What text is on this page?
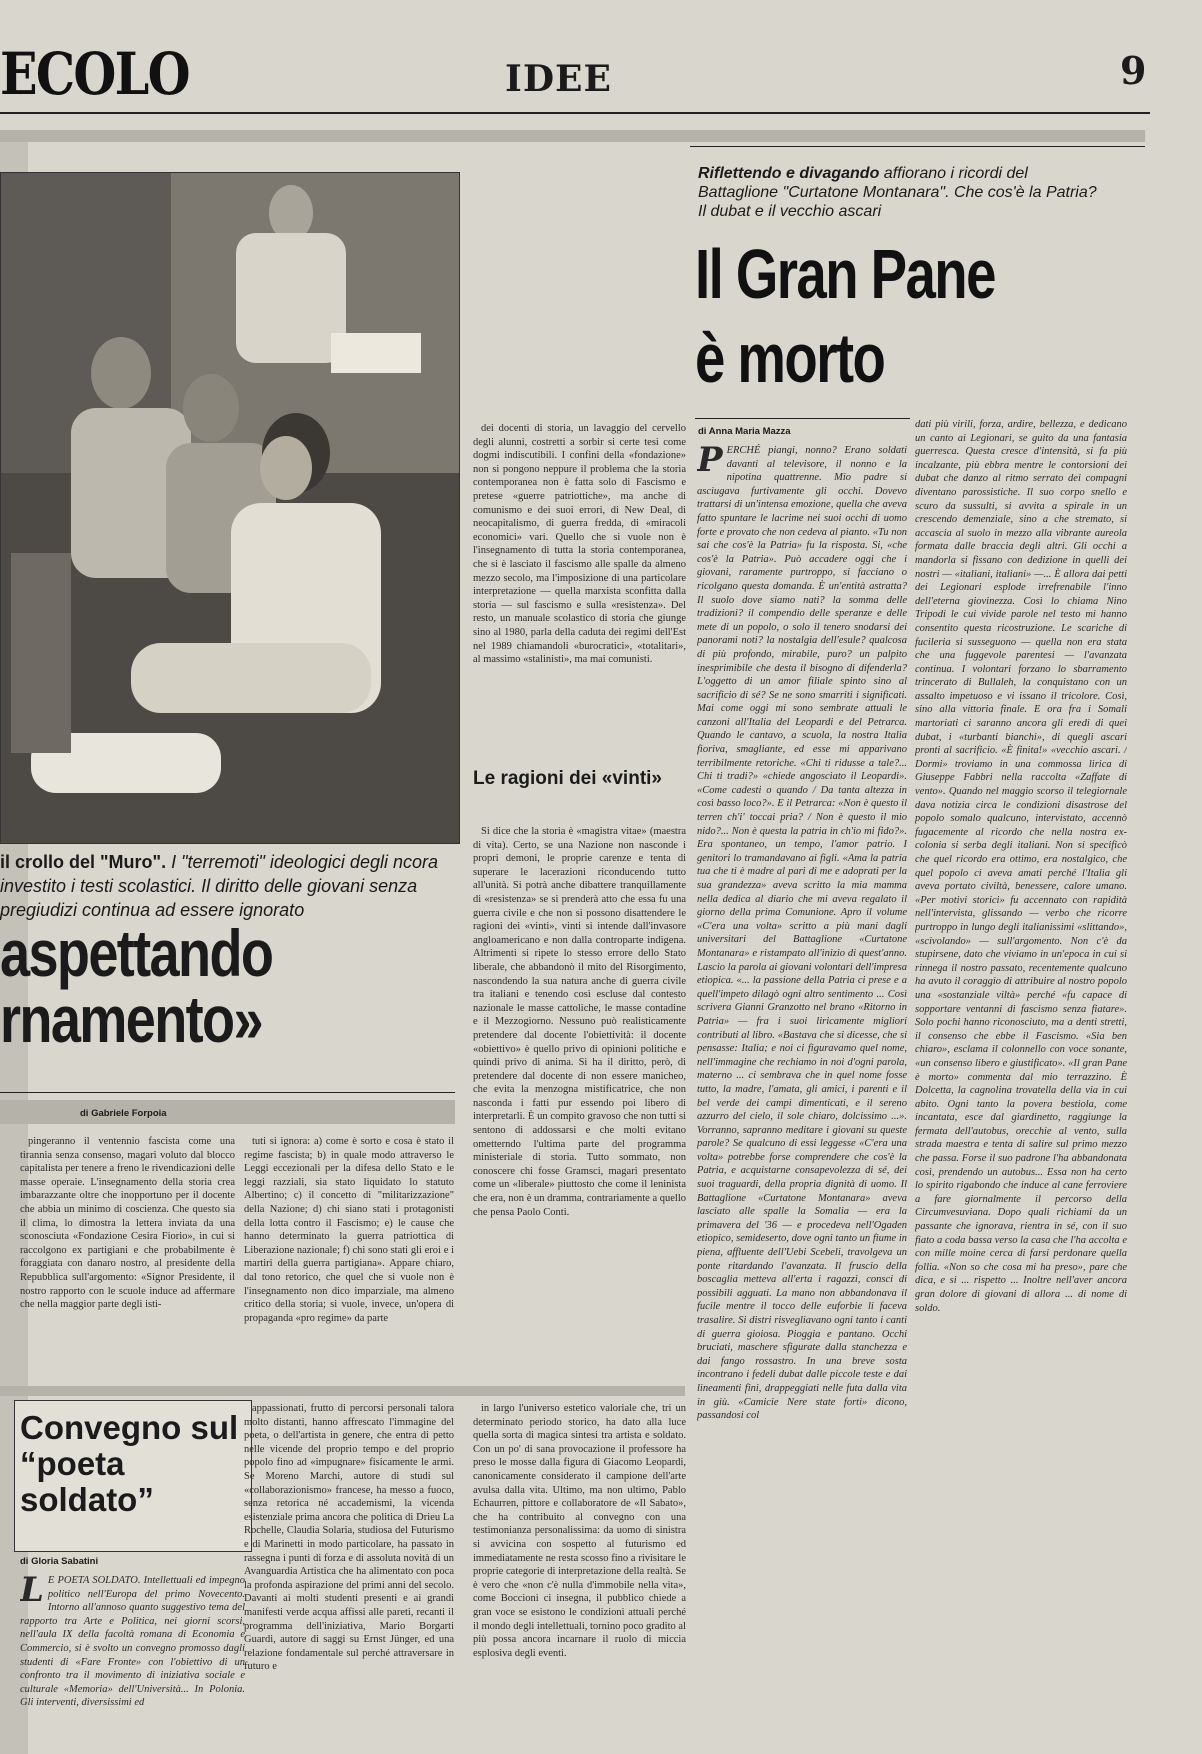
ECOLO	IDEE	9
il crollo del "Muro". I "terremoti" ideologici degli ncora investito i testi scolastici. Il diritto delle giovani senza pregiudizi continua ad essere ignorato
aspettando
rnamento»
di Gabriele Forpoia

pingeranno il ventennio fascista come una tirannia senza consenso, magari voluto dal blocco capitalista per tenere a freno le rivendicazioni delle masse operaie. L'insegnamento della storia crea imbarazzante oltre che inopportuno per il docente che abbia un minimo di coscienza. Che questo sia il clima, lo dimostra la lettera inviata da una sconosciuta «Fondazione Cesira Fiorio», in cui si raccolgono ex partigiani e che probabilmente è foraggiata con danaro nostro, al presidente della Repubblica sull'argomento: «Signor Presidente, il nostro rapporto con le scuole induce ad affermare che nella maggior parte degli isti-

tuti si ignora: a) come è sorto e cosa è stato il regime fascista; b) in quale modo attraverso le Leggi eccezionali per la difesa dello Stato e le leggi razziali, sia stato liquidato lo statuto Albertino; c) il concetto di "militarizzazione" della Nazione; d) chi siano stati i protagonisti della lotta contro il Fascismo; e) le cause che hanno determinato la guerra patriottica di Liberazione nazionale; f) chi sono stati gli eroi e i martiri della guerra partigiana». Appare chiaro, dal tono retorico, che quel che si vuole non è l'insegnamento non dico imparziale, ma almeno critico della storia; si vuole, invece, un'opera di propaganda «pro regime» da parte

dei docenti di storia, un lavaggio del cervello degli alunni, costretti a sorbir si certe tesi come dogmi indiscutibili. I confini della «fondazione» non si pongono neppure il problema che la storia contemporanea non è fatta solo di Fascismo e pretese «guerre patriottiche», ma anche di comunismo e dei suoi errori, di New Deal, di neocapitalismo, di guerra fredda, di «miracoli economici» vari. Quello che si vuole non è l'insegnamento di tutta la storia contemporanea, che si è lasciato il fascismo alle spalle da almeno mezzo secolo, ma l'imposizione di una particolare interpretazione — quella marxista sconfitta dalla storia — sul fascismo e sulla «resistenza». Del resto, un manuale scolastico di storia che giunge sino al 1980, parla della caduta dei regimi dell'Est nel 1989 chiamandoli «burocratici», «totalitari», al massimo «stalinisti», ma mai comunisti.

Le ragioni dei «vinti»

Si dice che la storia è «magistra vitae» (maestra di vita). Certo, se una Nazione non nasconde i propri demoni, le proprie carenze e tenta di superare le lacerazioni riconducendo tutto all'unità. Si potrà anche dibattere tranquillamente di «resistenza» se si prenderà atto che essa fu una guerra civile e che non si possono disattendere le ragioni dei «vinti», vinti si intende dall'invasore angloamericano e non dalla controparte indigena. Altrimenti si ripete lo stesso errore dello Stato liberale, che abbandonò il mito del Risorgimento, nascondendo la sua natura anche di guerra civile tra italiani e tenendo così escluse dal contesto nazionale le masse cattoliche, le masse contadine e il Mezzogiorno. Nessuno può realisticamente pretendere dal docente l'obiettività: il docente «obiettivo» è quello privo di opinioni politiche e quindi privo di anima. Si ha il diritto, però, di pretendere dal docente di non essere manicheo, che evita la menzogna mistificatrice, che non nasconda i fatti pur essendo poi libero di interpretarli. È un compito gravoso che non tutti si sentono di addossarsi e che molti evitano ometterndo l'ultima parte del programma ministeriale di storia. Tutto sommato, non conoscere chi fosse Gramsci, magari presentato come un «liberale» piuttosto che come il leninista che era, non è un dramma, contrariamente a quello che pensa Paolo Conti.

Riflettendo e divagando affiorano i ricordi del Battaglione "Curtatone Montanara". Che cos'è la Patria? Il dubat e il vecchio ascari
Il Gran Pane
è morto
di Anna Maria Mazza
PERCHÉ piangi, nonno? Erano soldati davanti al televisore, il nonno e la nipotina quattrenne. Mio padre si asciugava furtivamente gli occhi. Dovevo trattarsi di un'intensa emozione, quella che aveva fatto spuntare le lacrime nei suoi occhi di uomo forte e provato che non cedeva al pianto. «Tu non sai che cos'è la Patria» fu la risposta. Si, «che cos'è la Patria». Può accadere oggi che i giovani, raramente purtroppo, si facciano o ricolgano questa domanda. È un'entità astratta? Il suolo dove siamo nati? la somma delle tradizioni? il compendio delle speranze e delle mete di un popolo, o solo il tenero snodarsi dei panorami noti? la nostalgia dell'esule? qualcosa di più profondo, mirabile, puro? un palpito inesprimibile che desta il bisogno di difenderla? L'oggetto di un amor filiale spinto sino al sacrificio di sé? Se ne sono smarriti i significati. Mai come oggi mi sono sembrate attuali le canzoni all'Italia del Leopardi e del Petrarca. Quando le cantavo, a scuola, la nostra Italia fioriva, smagliante, ed esse mi apparivano terribilmente retoriche. «Chi ti ridusse a tale?... Chi ti tradi?» «chiede angosciato il Leopardi». «Come cadesti o quando / Da tanta altezza in così basso loco?». E il Petrarca: «Non è questo il terren ch'i' toccai pria? / Non è questo il mio nido?... Non è questa la patria in ch'io mi fido?». Era spontaneo, un tempo, l'amor patrio. I genitori lo tramandavano ai figli. «Ama la patria tua che ti è madre al pari di me e adoprati per la sua grandezza» aveva scritto la mia mamma nella dedica al diario che mi aveva regalato il giorno della prima Comunione. Apro il volume «C'era una volta» scritto a più mani dagli universitari del Battaglione «Curtatone Montanara» e ristampato all'inizio di quest'anno. Lascio la parola ai giovani volontari dell'impresa etiopica. «... la passione della Patria ci prese e a quell'impeto dilagò ogni altro sentimento ... Così scrivera Gianni Granzotto nel brano «Ritorno in Patria» — fra i suoi liricamente migliori contributi al libro. «Bastava che si dicesse, che si pensasse: Italia; e noi ci figuravamo quel nome, nell'immagine che rechiamo in noi d'ogni parola, materno ... ci sembrava che in quel nome fosse tutto, la madre, l'amata, gli amici, i parenti e il bel verde dei campi dimenticati, e il sereno azzurro del cielo, il sole chiaro, dolcissimo ...». Vorranno, sapranno meditare i giovani su queste parole? Se qualcuno di essi leggesse «C'era una volta» potrebbe forse comprendere che cos'è la Patria, e acquistarne consapevolezza di sé, dei suoi traguardi, della propria dignità di uomo. Il Battaglione «Curtatone Montanara» aveva lasciato alle spalle la Somalia — era la primavera del '36 — e procedeva nell'Ogaden etiopico, semideserto, dove ogni tanto un fiume in piena, affluente dell'Uebi Scebeli, travolgeva un ponte ritardando l'avanzata. Il fruscio della boscaglia metteva all'erta i ragazzi, consci di possibili agguati. La mano non abbandonava il fucile mentre il tocco delle euforbie li faceva trasalire. Si distri risvegliavano ogni tanto i canti di guerra gioiosa. Pioggia e pantano. Occhi bruciati, maschere sfigurate dalla stanchezza e dai fango rossastro. In una breve sosta incontrano i fedeli dubat dalle piccole teste e dai lineamenti fini, drappeggiati nelle futa dalla vita in giù. «Camicie Nere state forti» dicono, passandosi col
dati più virili, forza, ardire, bellezza, e dedicano un canto ai Legionari, se guito da una fantasia guerresca. Questa cresce d'intensità, si fa più incalzante, più ebbra mentre le contorsioni dei dubat che danzo al ritmo serrato dei compagni diventano parossistiche. Il suo corpo snello e scuro da sussulti, si avvita a spirale in un crescendo demenziale, sino a che stremato, si accascia al suolo in mezzo alla vibrante aureola formata dalle braccia degli altri. Gli occhi a mandorla si fissano con dedizione in quelli dei nostri — «italiani, italiani» —... È allora dai petti dei Legionari esplode irrefrenabile l'inno dell'eterna giovinezza. Così lo chiama Nino Tripodi le cui vivide parole nel testo mi hanno consentito questa ricostruzione. Le scariche di fucileria si susseguono — quella non era stata che una fuggevole parentesi — l'avanzata continua. I volontari forzano lo sbarramento trincerato di Bullaleh, la conquistano con un assalto impetuoso e vi issano il tricolore. Così, sino alla vittoria finale. E ora fra i Somali martoriati ci saranno ancora gli eredi di quei dubat, i «turbanti bianchi», di quegli ascari pronti al sacrificio. «È finita!» «vecchio ascari. / Dormi» troviamo in una commossa lirica di Giuseppe Fabbri nella raccolta «Zaffate di vento». Quando nel maggio scorso il telegiornale dava notizia circa le condizioni disastrose del popolo somalo qualcuno, intervistato, accennò fugacemente al ricordo che nella nostra ex-colonia si serba degli italiani. Non si specificò che quel ricordo era ottimo, era nostalgico, che quel popolo ci aveva amati perché l'Italia gli aveva portato civiltà, benessere, calore umano. «Per motivi storici» fu accennato con rapidità nell'intervista, glissando — verbo che ricorre purtroppo in lungo degli italianissimi «slittando», «scivolando» — sull'argomento. Non c'è da stupirsene, dato che viviamo in un'epoca in cui si rinnega il nostro passato, recentemente qualcuno ha avuto il coraggio di attribuire al nostro popolo una «sostanziale viltà» perché «fu capace di sopportare ventanni di fascismo senza fiatare». Solo pochi hanno riconosciuto, ma a denti stretti, il consenso che ebbe il Fascismo. «Sia ben chiaro», esclama il colonnello con voce sonante, «un consenso libero e giustificato». «Il gran Pane è morto» commenta dal mio terrazzino. È Dolcetta, la cagnolina trovatella della via in cui abito. Ogni tanto la povera bestiola, come incantata, esce dal giardinetto, raggiunge la fermata dell'autobus, orecchie al vento, sulla strada maestra e tenta di salire sul primo mezzo che passa. Forse il suo padrone l'ha abbandonata così, prendendo un autobus... Essa non ha certo lo spirito rigabondo che induce al cane ferroviere a fare giornalmente il percorso della Circumvesuviana. Dopo quali richiami da un passante che ignorava, rientra in sé, con il suo fiato a coda bassa verso la casa che l'ha accolta e con mille moine cerca di farsi perdonare quella follia. «Non so che cosa mi ha preso», pare che dica, e si ... rispetto ... Inoltre nell'aver ancora gran dolore di giovani di allora ... di nome di soldo.
Convegno sul “poeta soldato”
di Gloria Sabatini
L E POETA SOLDATO. Intellettuali ed impegno politico nell'Europa del primo Novecento. Intorno all'annoso quanto suggestivo tema del rapporto tra Arte e Politica, nei giorni scorsi, nell'aula IX della facoltà romana di Economia e Commercio, si è svolto un convegno promosso dagli studenti di «Fare Fronte» con l'obiettivo di un confronto tra il movimento di iniziativa sociale e culturale «Memoria» dell'Università... In Polonia. Gli interventi, diversissimi ed

appassionati, frutto di percorsi personali talora molto distanti, hanno affrescato l'immagine del poeta, o dell'artista in genere, che entra di petto nelle vicende del proprio tempo e del proprio popolo fino ad «impugnare» fisicamente le armi. Se Moreno Marchi, autore di studi sul «collaborazionismo» francese, ha messo a fuoco, senza retorica né accademismi, la vicenda esistenziale prima ancora che politica di Drieu La Rochelle, Claudia Solaria, studiosa del Futurismo e di Marinetti in modo particolare, ha passato in rassegna i punti di forza e di assoluta novità di un Avanguardia Artistica che ha alimentato con poca la profonda aspirazione del primi anni del secolo. Davanti ai molti studenti presenti e ai grandi manifesti verde acqua affissi alle pareti, recanti il programma dell'iniziativa, Mario Borgarti Guardi, autore di saggi su Ernst Jünger, ed una relazione fondamentale sul perché attraversare in futuro e

in largo l'universo estetico valoriale che, tri un determinato periodo storico, ha dato alla luce quella sorta di magica sintesi tra artista e soldato. Con un po' di sana provocazione il professore ha preso le mosse dalla figura di Giacomo Leopardi, canonicamente considerato il campione dell'arte avulsa dalla vita. Ultimo, ma non ultimo, Pablo Echaurren, pittore e collaboratore de «Il Sabato», che ha contribuito al convegno con una testimonianza personalissima: da uomo di sinistra si avvicina con sospetto al futurismo ed immediatamente ne resta scosso fino a rivisitare le proprie categorie di interpretazione della realtà. Se è vero che «non c'è nulla d'immobile nella vita», come Boccioni ci insegna, il pubblico chiede a gran voce se esistono le condizioni attuali perché il mondo degli intellettuali, tornino poco gradito al più possa ancora incarnare il ruolo di miccia esplosiva degli eventi.
